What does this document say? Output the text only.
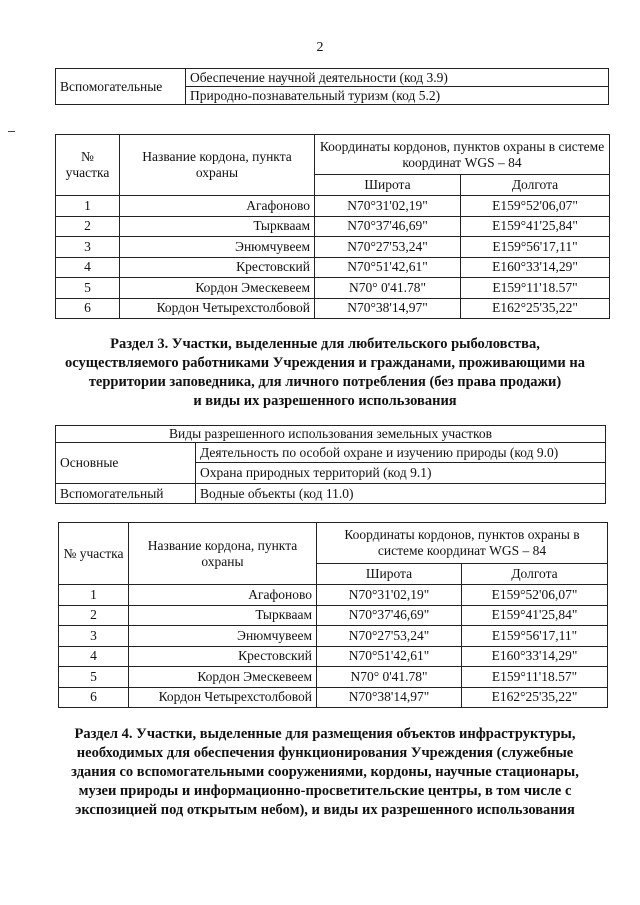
2
Вспомогательные	Обеспечение научной деятельности (код 3.9)
Природно-познавательный туризм (код 5.2)
№ участка	Название кордона, пункта охраны	Координаты кордонов, пунктов охраны в системе координат WGS – 84	
		Широта	Долгота
1	Агафоново	N70°31'02,19"	E159°52'06,07"
2	Тыркваам	N70°37'46,69"	E159°41'25,84"
3	Энюмчувеем	N70°27'53,24"	E159°56'17,11"
4	Крестовский	N70°51'42,61"	E160°33'14,29"
5	Кордон Эмескевеем	N70° 0'41.78"	E159°11'18.57"
6	Кордон Четырехстолбовой	N70°38'14,97"	E162°25'35,22"
Раздел 3. Участки, выделенные для любительского рыболовства,
осуществляемого работниками Учреждения и гражданами, проживающими на
территории заповедника, для личного потребления (без права продажи)
и виды их разрешенного использования
Виды разрешенного использования земельных участков	
Основные	Деятельность по особой охране и изучению природы (код 9.0)
	Охрана природных территорий (код 9.1)
Вспомогательный	Водные объекты (код 11.0)
№ участка	Название кордона, пункта охраны	Координаты кордонов, пунктов охраны в системе координат WGS – 84	
		Широта	Долгота
1	Агафоново	N70°31'02,19"	E159°52'06,07"
2	Тыркваам	N70°37'46,69"	E159°41'25,84"
3	Энюмчувеем	N70°27'53,24"	E159°56'17,11"
4	Крестовский	N70°51'42,61"	E160°33'14,29"
5	Кордон Эмескевеем	N70° 0'41.78"	E159°11'18.57"
6	Кордон Четырехстолбовой	N70°38'14,97"	E162°25'35,22"
Раздел 4. Участки, выделенные для размещения объектов инфраструктуры,
необходимых для обеспечения функционирования Учреждения (служебные
здания со вспомогательными сооружениями, кордоны, научные стационары,
музеи природы и информационно-просветительские центры, в том числе с
экспозицией под открытым небом), и виды их разрешенного использования
